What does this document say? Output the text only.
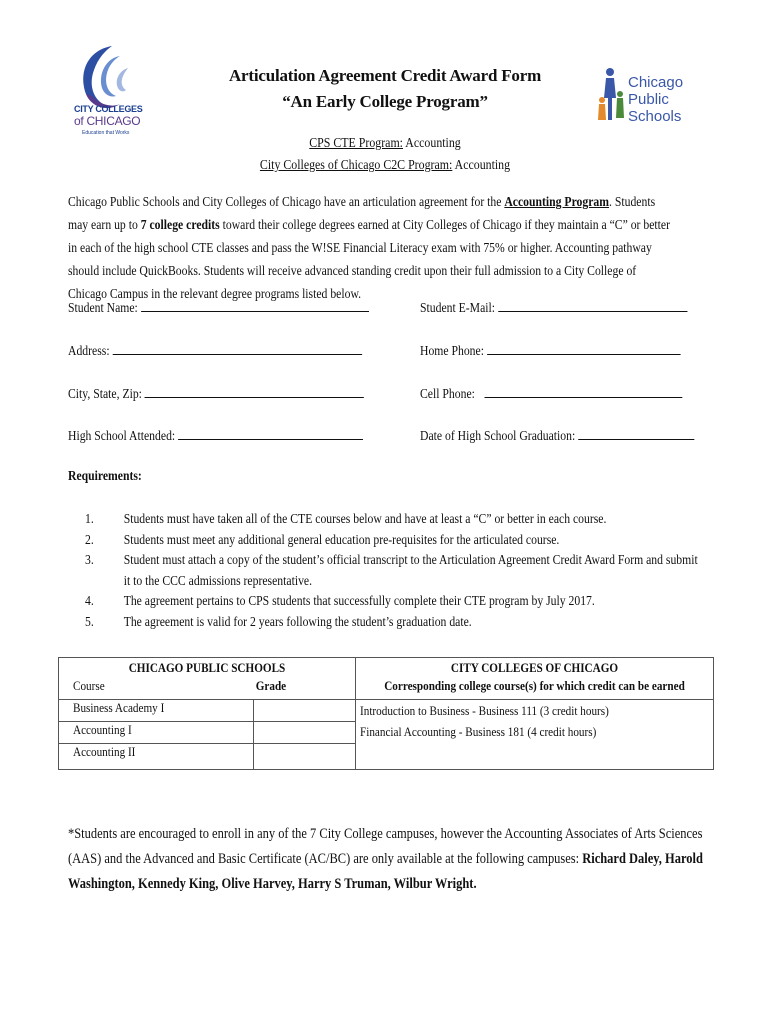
CITY COLLEGES
of CHICAGO
Education that Works
Chicago
Public
Schools
Articulation Agreement Credit Award Form
“An Early College Program”
CPS CTE Program: Accounting
City Colleges of Chicago C2C Program: Accounting
Chicago Public Schools and City Colleges of Chicago have an articulation agreement for the Accounting Program. Students may earn up to 7 college credits toward their college degrees earned at City Colleges of Chicago if they maintain a “C” or better in each of the high school CTE classes and pass the W!SE Financial Literacy exam with 75% or higher. Accounting pathway should include QuickBooks. Students will receive advanced standing credit upon their full admission to a City College of Chicago Campus in the relevant degree programs listed below.
Student Name:	Student E-Mail:
Address:	Home Phone:
City, State, Zip:	Cell Phone:
High School Attended:	Date of High School Graduation:
Requirements:
1.	Students must have taken all of the CTE courses below and have at least a “C” or better in each course.
2.	Students must meet any additional general education pre-requisites for the articulated course.
3.	Student must attach a copy of the student’s official transcript to the Articulation Agreement Credit Award Form and submit it to the CCC admissions representative.
4.	The agreement pertains to CPS students that successfully complete their CTE program by July 2017.
5.	The agreement is valid for 2 years following the student’s graduation date.
CHICAGO PUBLIC SCHOOLS		CITY COLLEGES OF CHICAGO

Course	Grade	Corresponding college course(s) for which credit can be earned

Business Academy I		Introduction to Business - Business 111 (3 credit hours)
Financial Accounting - Business 181 (4 credit hours)

Accounting I		

Accounting II		

*Students are encouraged to enroll in any of the 7 City College campuses, however the Accounting Associates of Arts Sciences (AAS) and the Advanced and Basic Certificate (AC/BC) are only available at the following campuses: Richard Daley, Harold Washington, Kennedy King, Olive Harvey, Harry S Truman, Wilbur Wright.
